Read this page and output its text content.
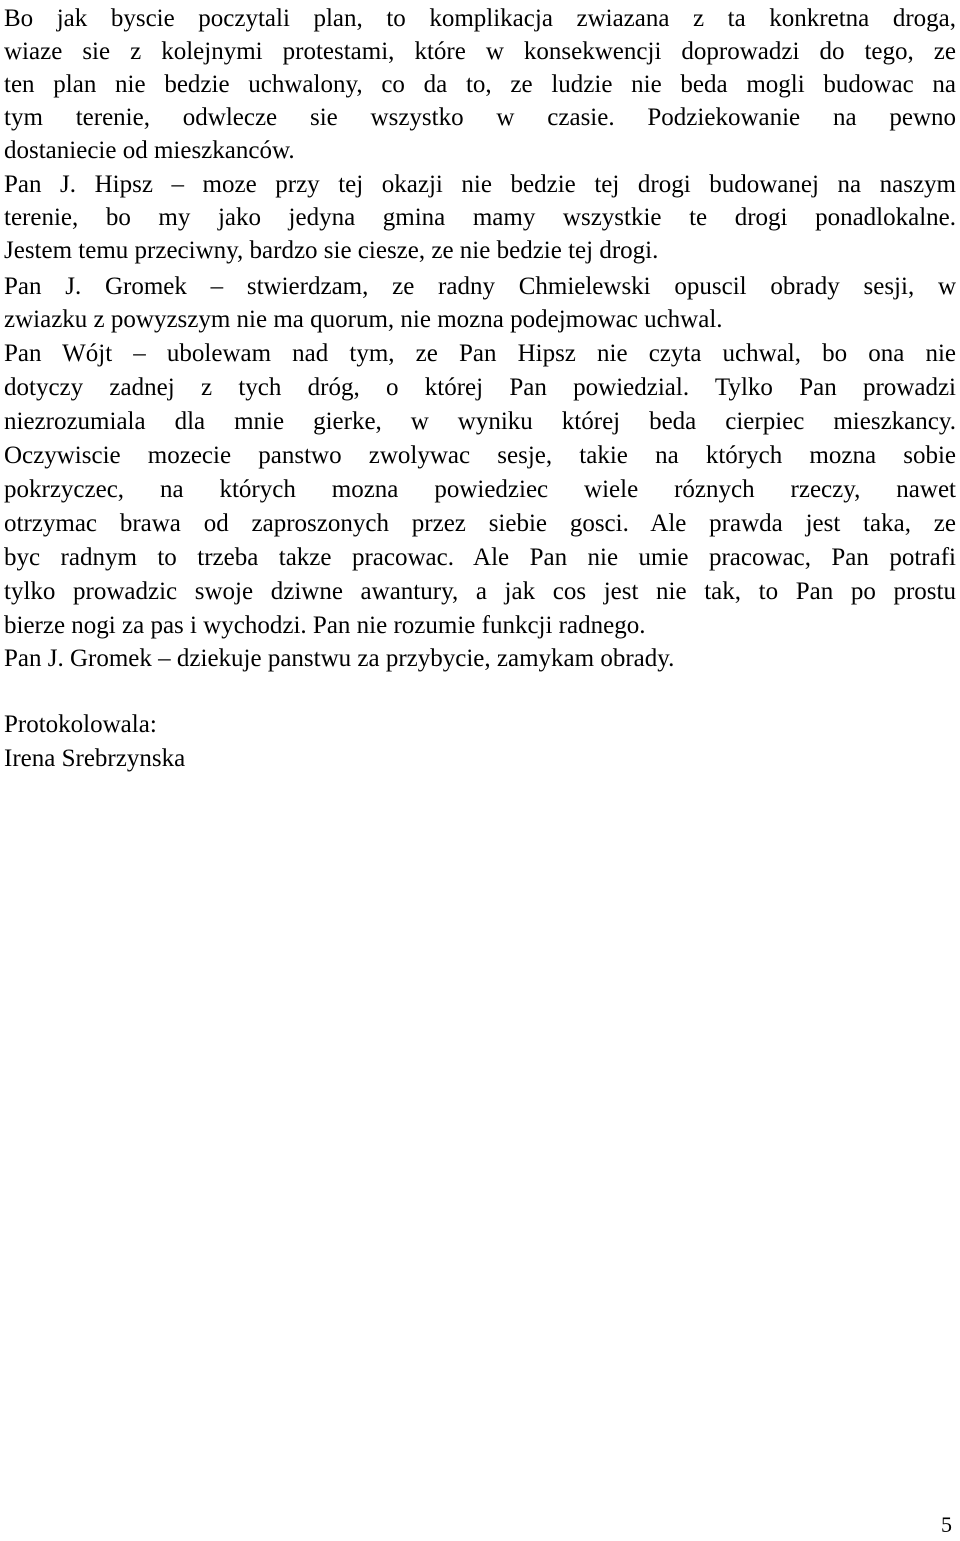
Bo jak byscie poczytali plan, to komplikacja zwiazana z ta konkretna droga,
wiaze sie z kolejnymi protestami, które w konsekwencji doprowadzi do tego, ze
ten plan nie bedzie uchwalony, co da to, ze ludzie nie beda mogli budowac na
tym terenie, odwlecze sie wszystko w czasie. Podziekowanie na pewno
dostaniecie od mieszkanców.
Pan J. Hipsz – moze przy tej okazji nie bedzie tej drogi budowanej na naszym
terenie, bo my jako jedyna gmina mamy wszystkie te drogi ponadlokalne.
Jestem temu przeciwny, bardzo sie ciesze, ze nie bedzie tej drogi.
Pan J. Gromek – stwierdzam, ze radny Chmielewski opuscil obrady sesji, w
zwiazku z powyzszym nie ma quorum, nie mozna podejmowac uchwal.
Pan Wójt – ubolewam nad tym, ze Pan Hipsz nie czyta uchwal, bo ona nie
dotyczy zadnej z tych dróg, o której Pan powiedzial. Tylko Pan prowadzi
niezrozumiala dla mnie gierke, w wyniku której beda cierpiec mieszkancy.
Oczywiscie mozecie panstwo zwolywac sesje, takie na których mozna sobie
pokrzyczec, na których mozna powiedziec wiele róznych rzeczy, nawet
otrzymac brawa od zaproszonych przez siebie gosci. Ale prawda jest taka, ze
byc radnym to trzeba takze pracowac. Ale Pan nie umie pracowac, Pan potrafi
tylko prowadzic swoje dziwne awantury, a jak cos jest nie tak, to Pan po prostu
bierze nogi za pas i wychodzi. Pan nie rozumie funkcji radnego.
Pan J. Gromek – dziekuje panstwu za przybycie, zamykam obrady.
Protokolowala:
Irena Srebrzynska
5
